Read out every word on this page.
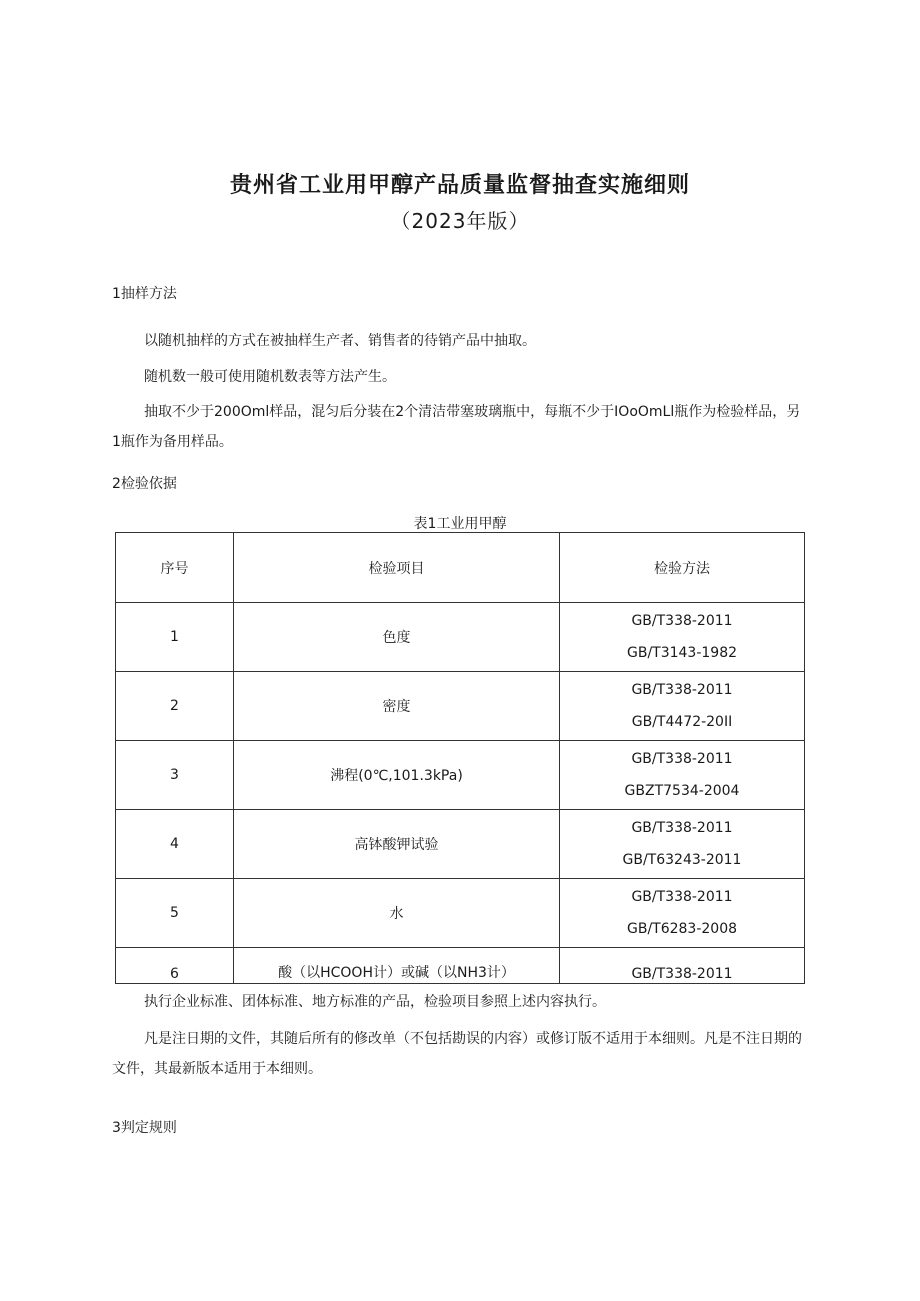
贵州省工业用甲醇产品质量监督抽查实施细则
（2023年版）
1抽样方法
以随机抽样的方式在被抽样生产者、销售者的待销产品中抽取。
随机数一般可使用随机数表等方法产生。
抽取不少于200Oml样品，混匀后分装在2个清洁带塞玻璃瓶中，每瓶不少于IOoOmLl瓶作为检验样品，另1瓶作为备用样品。
2检验依据
表1工业用甲醇
序号	检验项目	检验方法
1	色度	GB/T338-2011
GB/T3143-1982

2	密度	GB/T338-2011
GB/T4472-20II

3	沸程(0℃,101.3kPa)	GB/T338-2011
GBZT7534-2004

4	高钵酸钾试验	GB/T338-2011
GB/T63243-2011

5	水	GB/T338-2011
GB/T6283-2008

6	酸（以HCOOH计）或碱（以NH3计）	GB/T338-2011
执行企业标准、团体标准、地方标准的产品，检验项目参照上述内容执行。
凡是注日期的文件，其随后所有的修改单（不包括勘误的内容）或修订版不适用于本细则。凡是不注日期的文件，其最新版本适用于本细则。
3判定规则
